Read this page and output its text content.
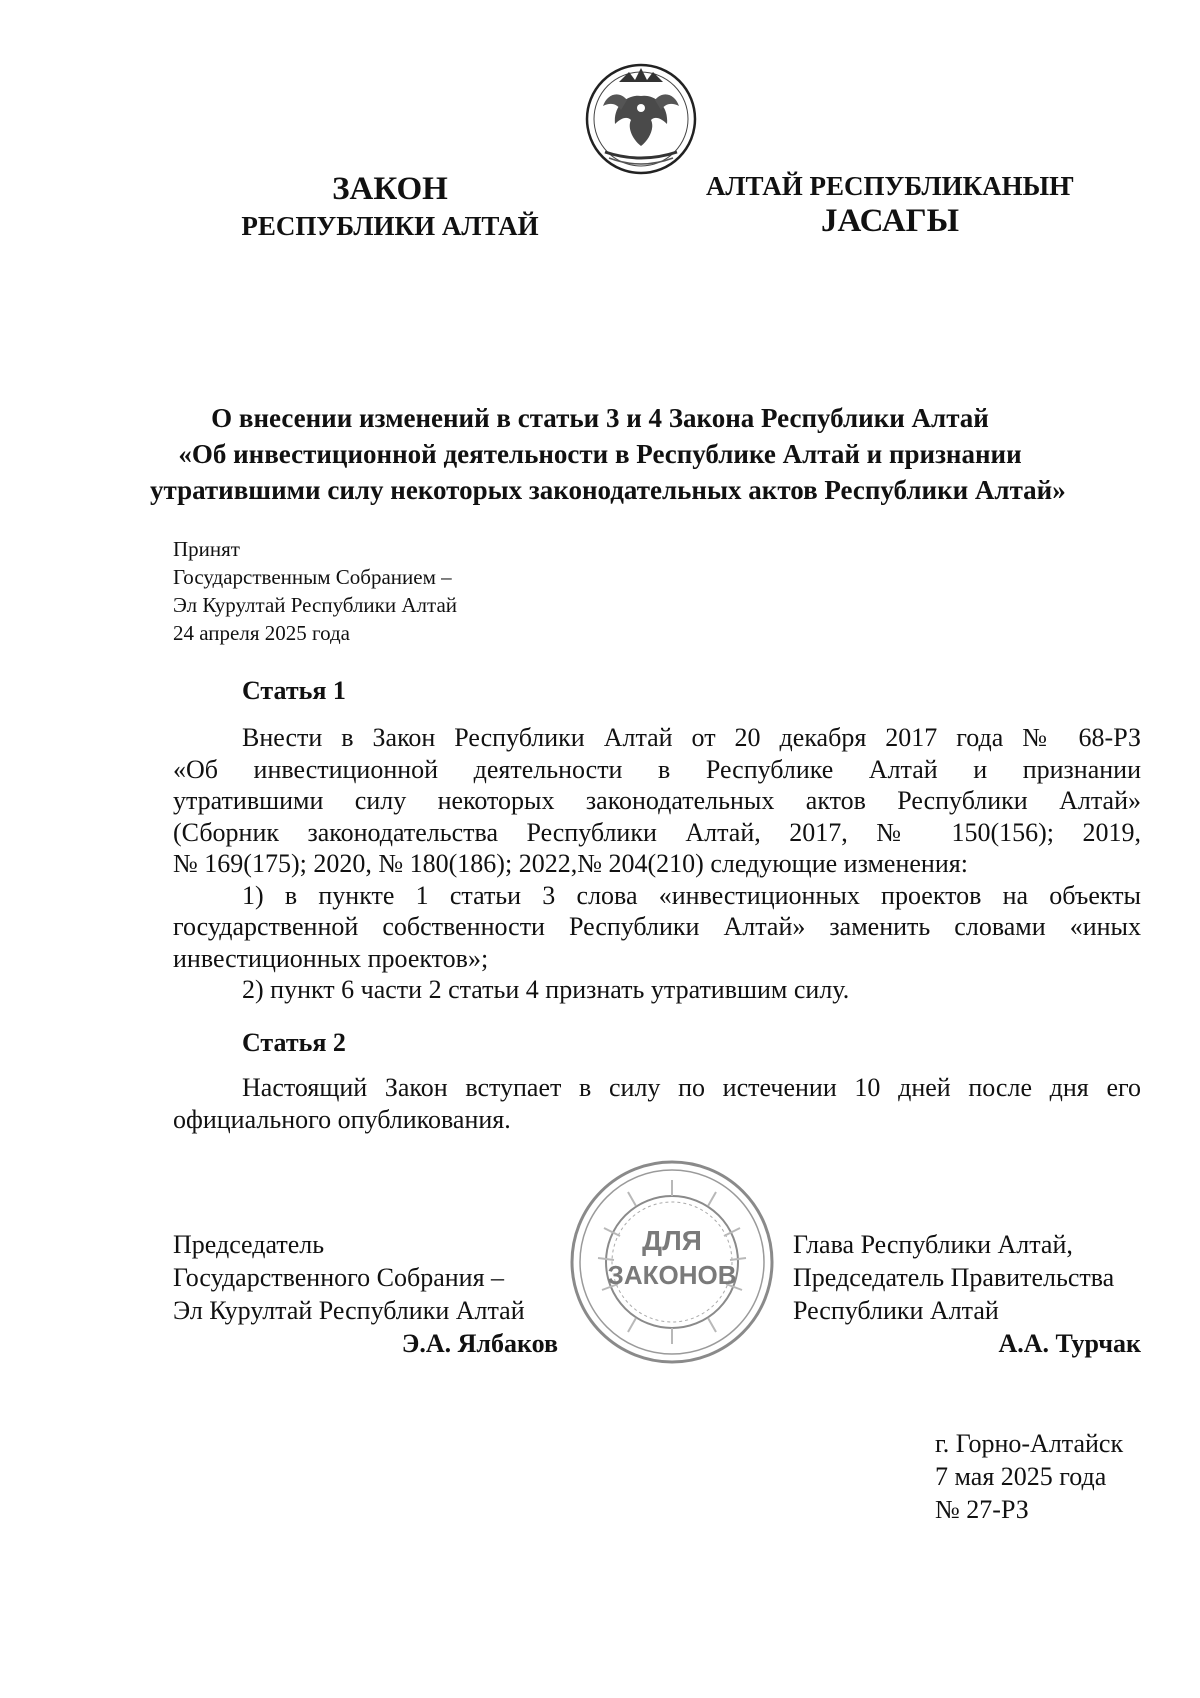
ЗАКОН
РЕСПУБЛИКИ АЛТАЙ
АЛТАЙ РЕСПУБЛИКАНЫҤ
JАСАГЫ
О внесении изменений в статьи 3 и 4 Закона Республики Алтай
«Об инвестиционной деятельности в Республике Алтай и признании
утратившими силу некоторых законодательных актов Республики Алтай»
Принят
Государственным Собранием –
Эл Курултай Республики Алтай
24 апреля 2025 года
Статья 1
Внести в Закон Республики Алтай от 20 декабря 2017 года № 68-РЗ
«Об инвестиционной деятельности в Республике Алтай и признании
утратившими силу некоторых законодательных актов Республики Алтай»
(Сборник законодательства Республики Алтай, 2017, № 150(156); 2019,
№ 169(175); 2020, № 180(186); 2022,№ 204(210) следующие изменения:
1) в пункте 1 статьи 3 слова «инвестиционных проектов на объекты
государственной собственности Республики Алтай» заменить словами «иных
инвестиционных проектов»;
2) пункт 6 части 2 статьи 4 признать утратившим силу.
Статья 2
Настоящий Закон вступает в силу по истечении 10 дней после дня его
официального опубликования.
ДЛЯ
ЗАКОНОВ
Председатель
Государственного Собрания –
Эл Курултай Республики Алтай
Э.А. Ялбаков
Глава Республики Алтай,
Председатель Правительства
Республики Алтай
А.А. Турчак
г. Горно-Алтайск
7 мая 2025 года
№ 27-РЗ
